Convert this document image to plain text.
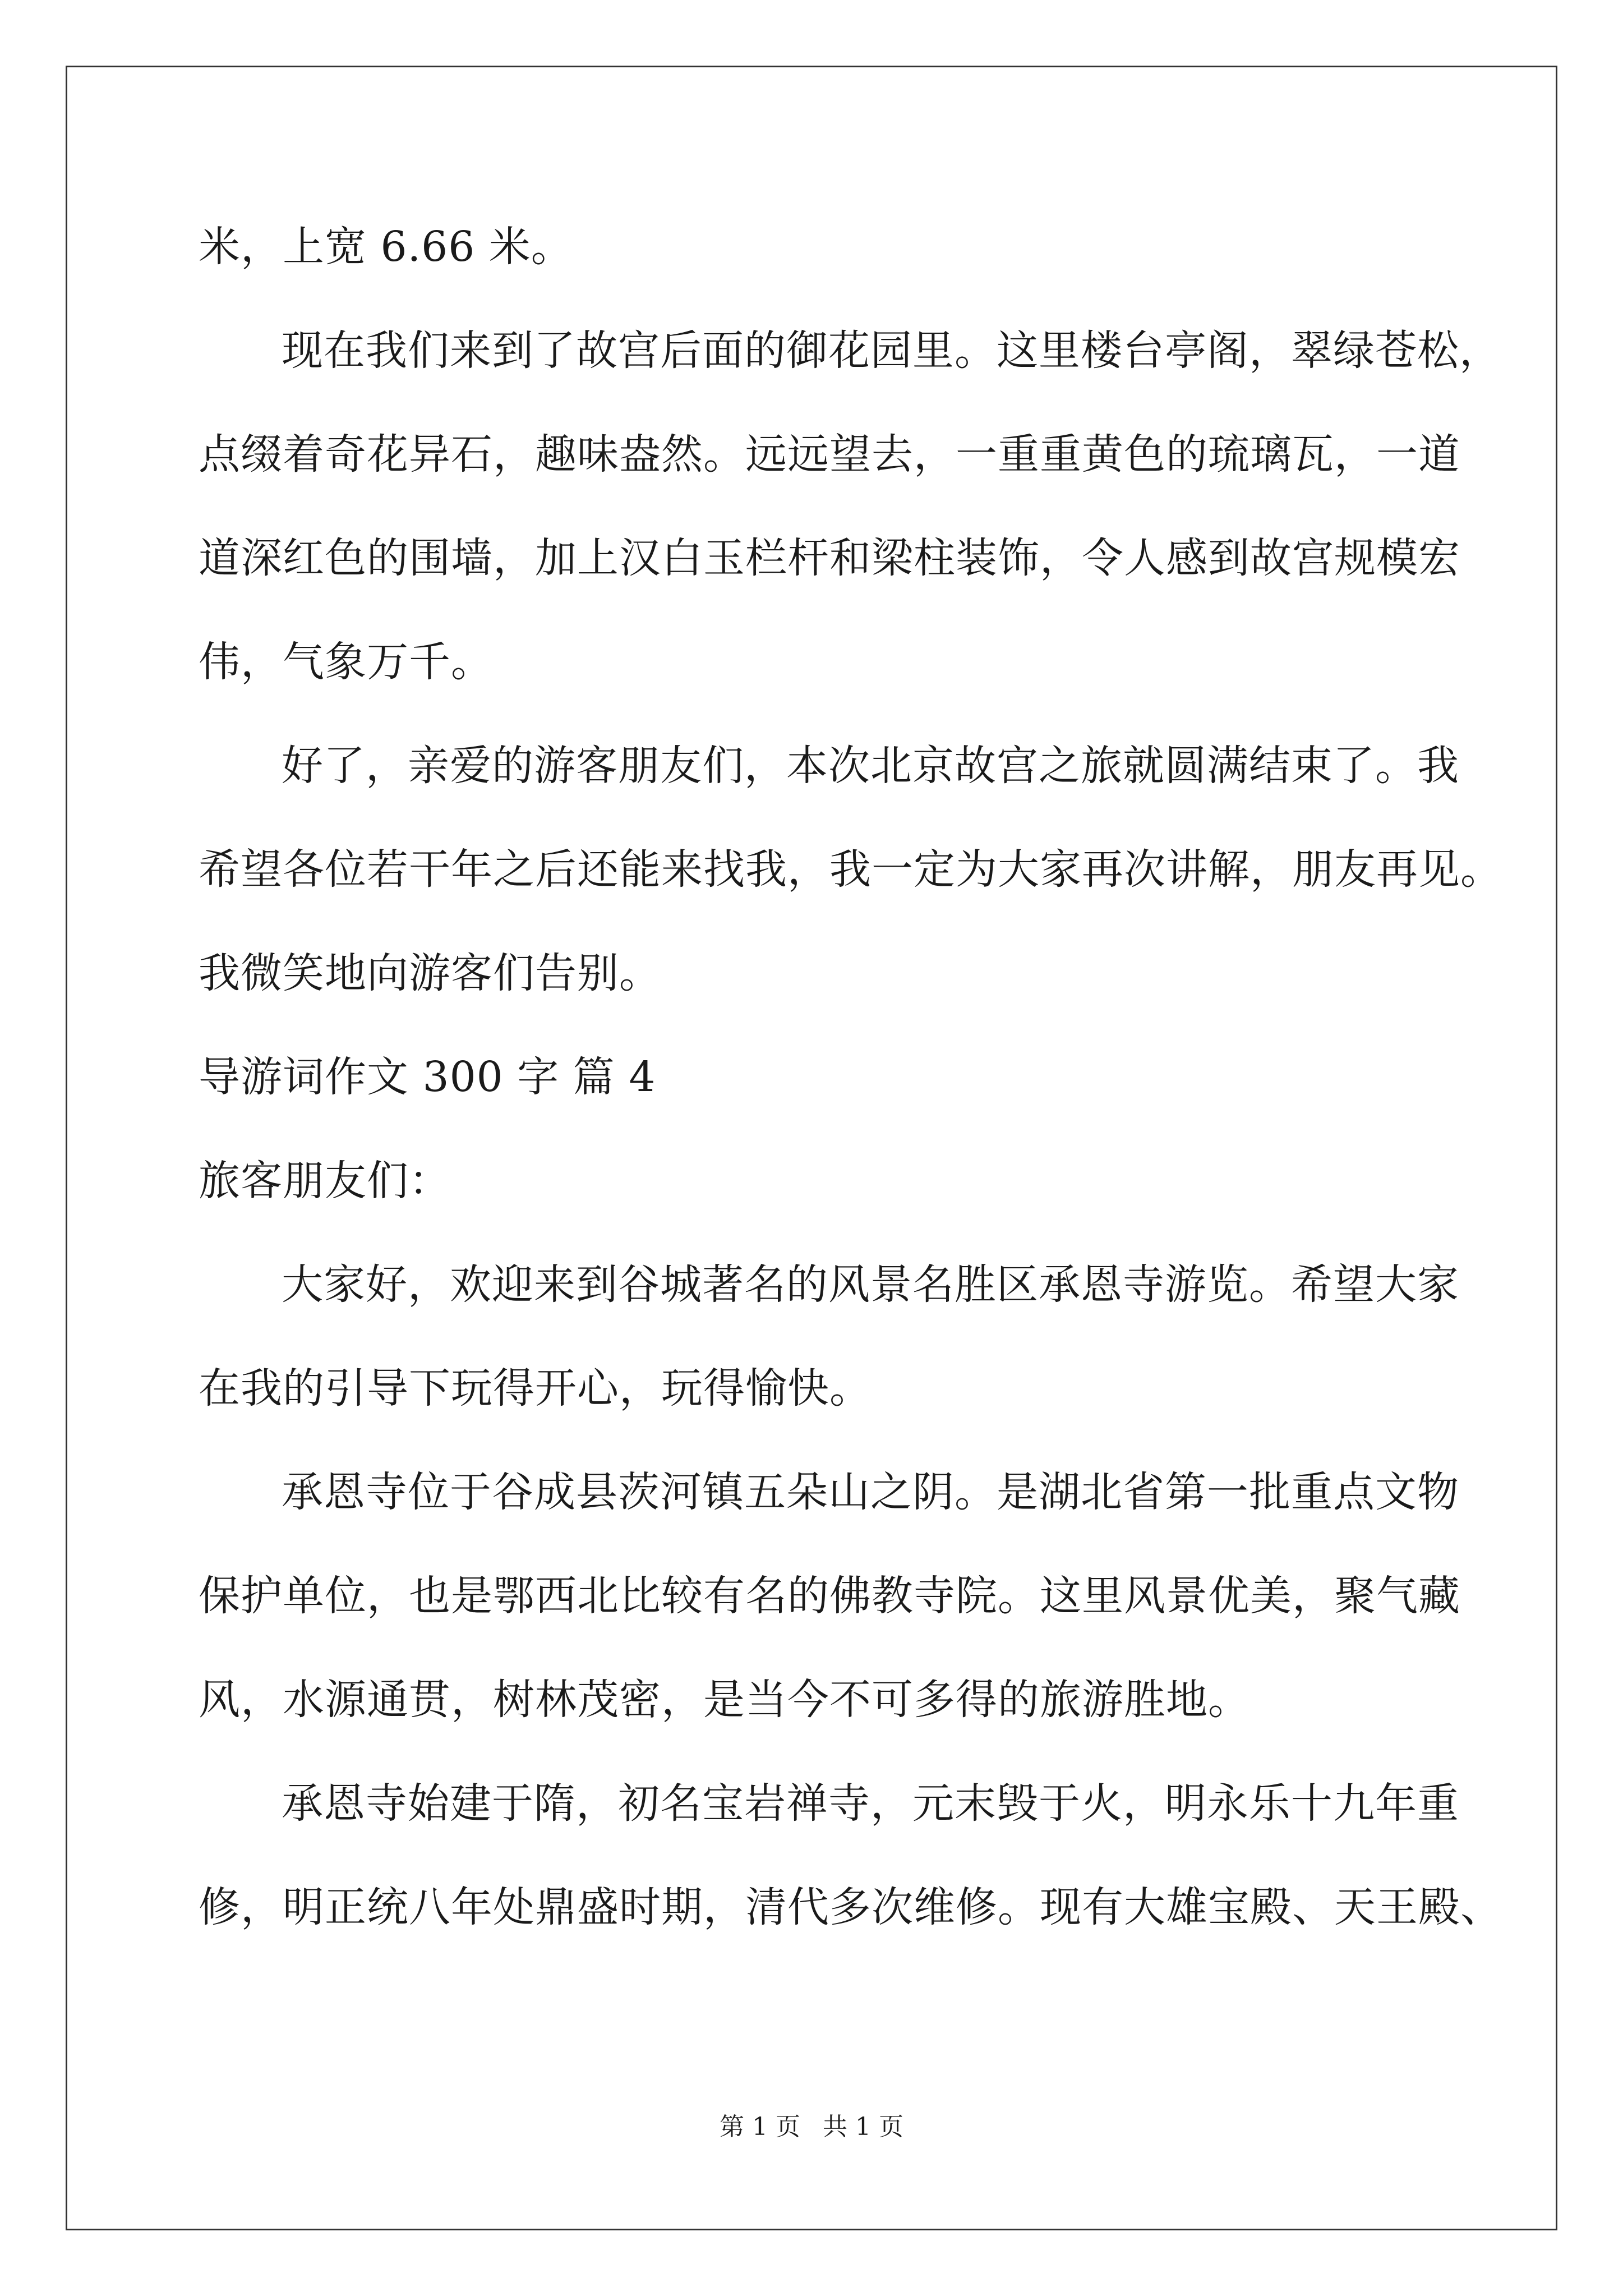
米，上宽 6.66 米。
现在我们来到了故宫后面的御花园里。这里楼台亭阁，翠绿苍松，
点缀着奇花异石，趣味盎然。远远望去，一重重黄色的琉璃瓦，一道
道深红色的围墙，加上汉白玉栏杆和梁柱装饰，令人感到故宫规模宏
伟，气象万千。
好了，亲爱的游客朋友们，本次北京故宫之旅就圆满结束了。我
希望各位若干年之后还能来找我，我一定为大家再次讲解，朋友再见。
我微笑地向游客们告别。
导游词作文 300 字 篇 4
旅客朋友们：
大家好，欢迎来到谷城著名的风景名胜区承恩寺游览。希望大家
在我的引导下玩得开心，玩得愉快。
承恩寺位于谷成县茨河镇五朵山之阴。是湖北省第一批重点文物
保护单位，也是鄂西北比较有名的佛教寺院。这里风景优美，聚气藏
风，水源通贯，树林茂密，是当今不可多得的旅游胜地。
承恩寺始建于隋，初名宝岩禅寺，元末毁于火，明永乐十九年重
修，明正统八年处鼎盛时期，清代多次维修。现有大雄宝殿、天王殿、
第 1 页 共 1 页
